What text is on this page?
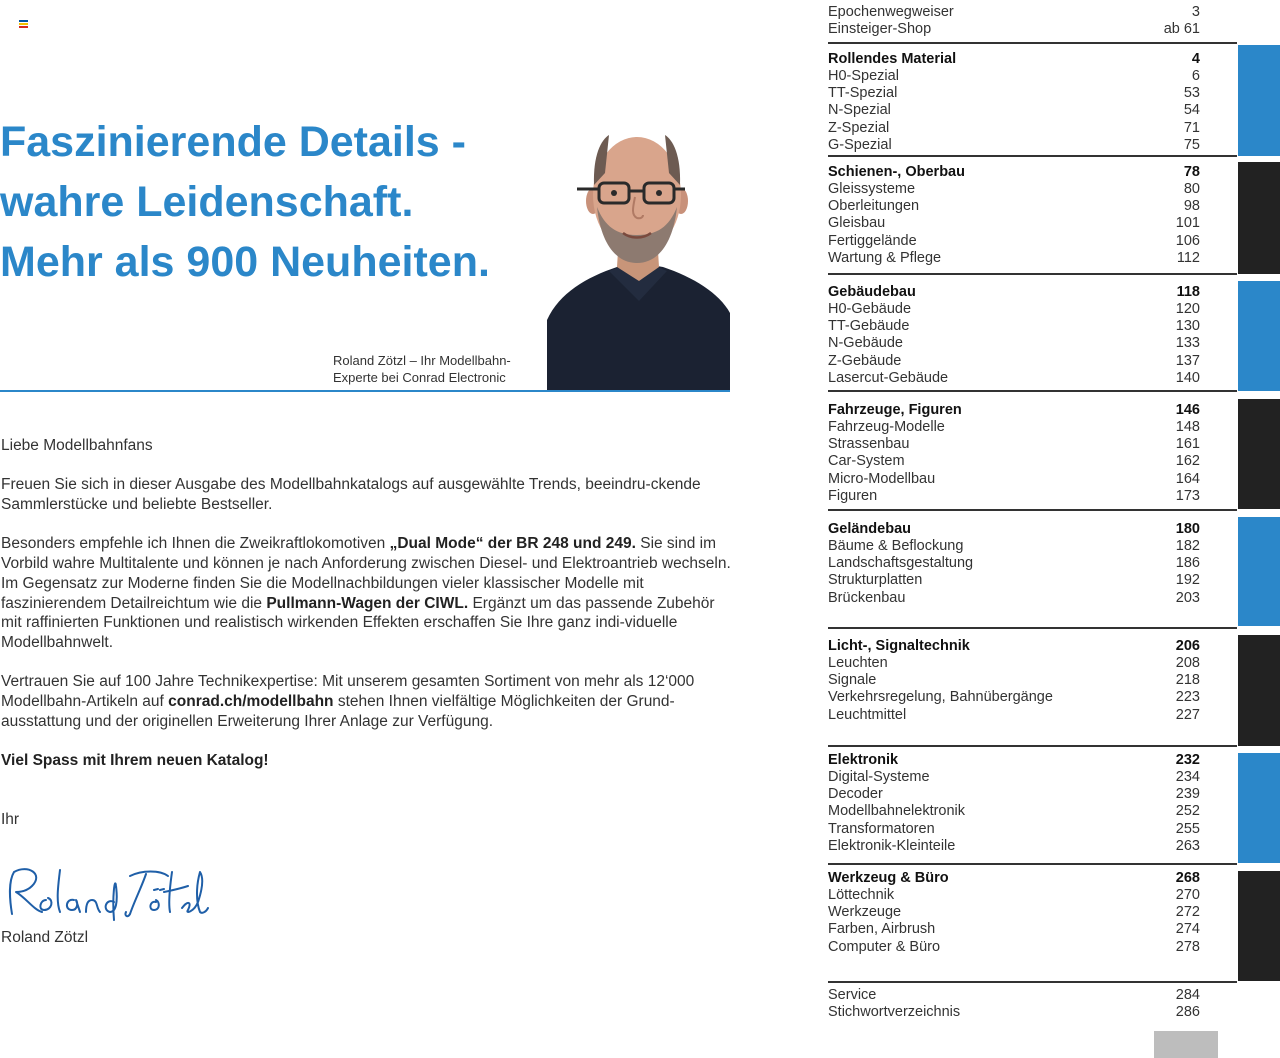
Faszinierende Details -
wahre Leidenschaft.
Mehr als 900 Neuheiten.
Roland Zötzl – Ihr Modellbahn-
Experte bei Conrad Electronic

Liebe Modellbahnfans

Freuen Sie sich in dieser Ausgabe des Modellbahnkatalogs auf ausgewählte Trends, beeindru-ckende Sammlerstücke und beliebte Bestseller.

Besonders empfehle ich Ihnen die Zweikraftlokomotiven „Dual Mode“ der BR 248 und 249. Sie sind im Vorbild wahre Multitalente und können je nach Anforderung zwischen Diesel- und Elektroantrieb wechseln. Im Gegensatz zur Moderne finden Sie die Modellnachbildungen vieler klassischer Modelle mit faszinierendem Detailreichtum wie die Pullmann-Wagen der CIWL. Ergänzt um das passende Zubehör mit raffinierten Funktionen und realistisch wirkenden Effekten erschaffen Sie Ihre ganz indi-viduelle Modellbahnwelt.

Vertrauen Sie auf 100 Jahre Technikexpertise: Mit unserem gesamten Sortiment von mehr als 12‘000 Modellbahn-Artikeln auf conrad.ch/modellbahn stehen Ihnen vielfältige Möglichkeiten der Grund-ausstattung und der originellen Erweiterung Ihrer Anlage zur Verfügung.

Viel Spass mit Ihrem neuen Katalog!

Ihr

Roland Zötzl
Epochenwegweiser	3
Einsteiger-Shop	ab 61
Rollendes Material	4
H0-Spezial	6
TT-Spezial	53
N-Spezial	54
Z-Spezial	71
G-Spezial	75
Schienen-, Oberbau	78
Gleissysteme	80
Oberleitungen	98
Gleisbau	101
Fertiggelände	106
Wartung & Pflege	112
Gebäudebau	118
H0-Gebäude	120
TT-Gebäude	130
N-Gebäude	133
Z-Gebäude	137
Lasercut-Gebäude	140
Fahrzeuge, Figuren	146
Fahrzeug-Modelle	148
Strassenbau	161
Car-System	162
Micro-Modellbau	164
Figuren	173
Geländebau	180
Bäume & Beflockung	182
Landschaftsgestaltung	186
Strukturplatten	192
Brückenbau	203
Licht-, Signaltechnik	206
Leuchten	208
Signale	218
Verkehrsregelung, Bahnübergänge	223
Leuchtmittel	227
Elektronik	232
Digital-Systeme	234
Decoder	239
Modellbahnelektronik	252
Transformatoren	255
Elektronik-Kleinteile	263
Werkzeug & Büro	268
Löttechnik	270
Werkzeuge	272
Farben, Airbrush	274
Computer & Büro	278
Service	284
Stichwortverzeichnis	286
